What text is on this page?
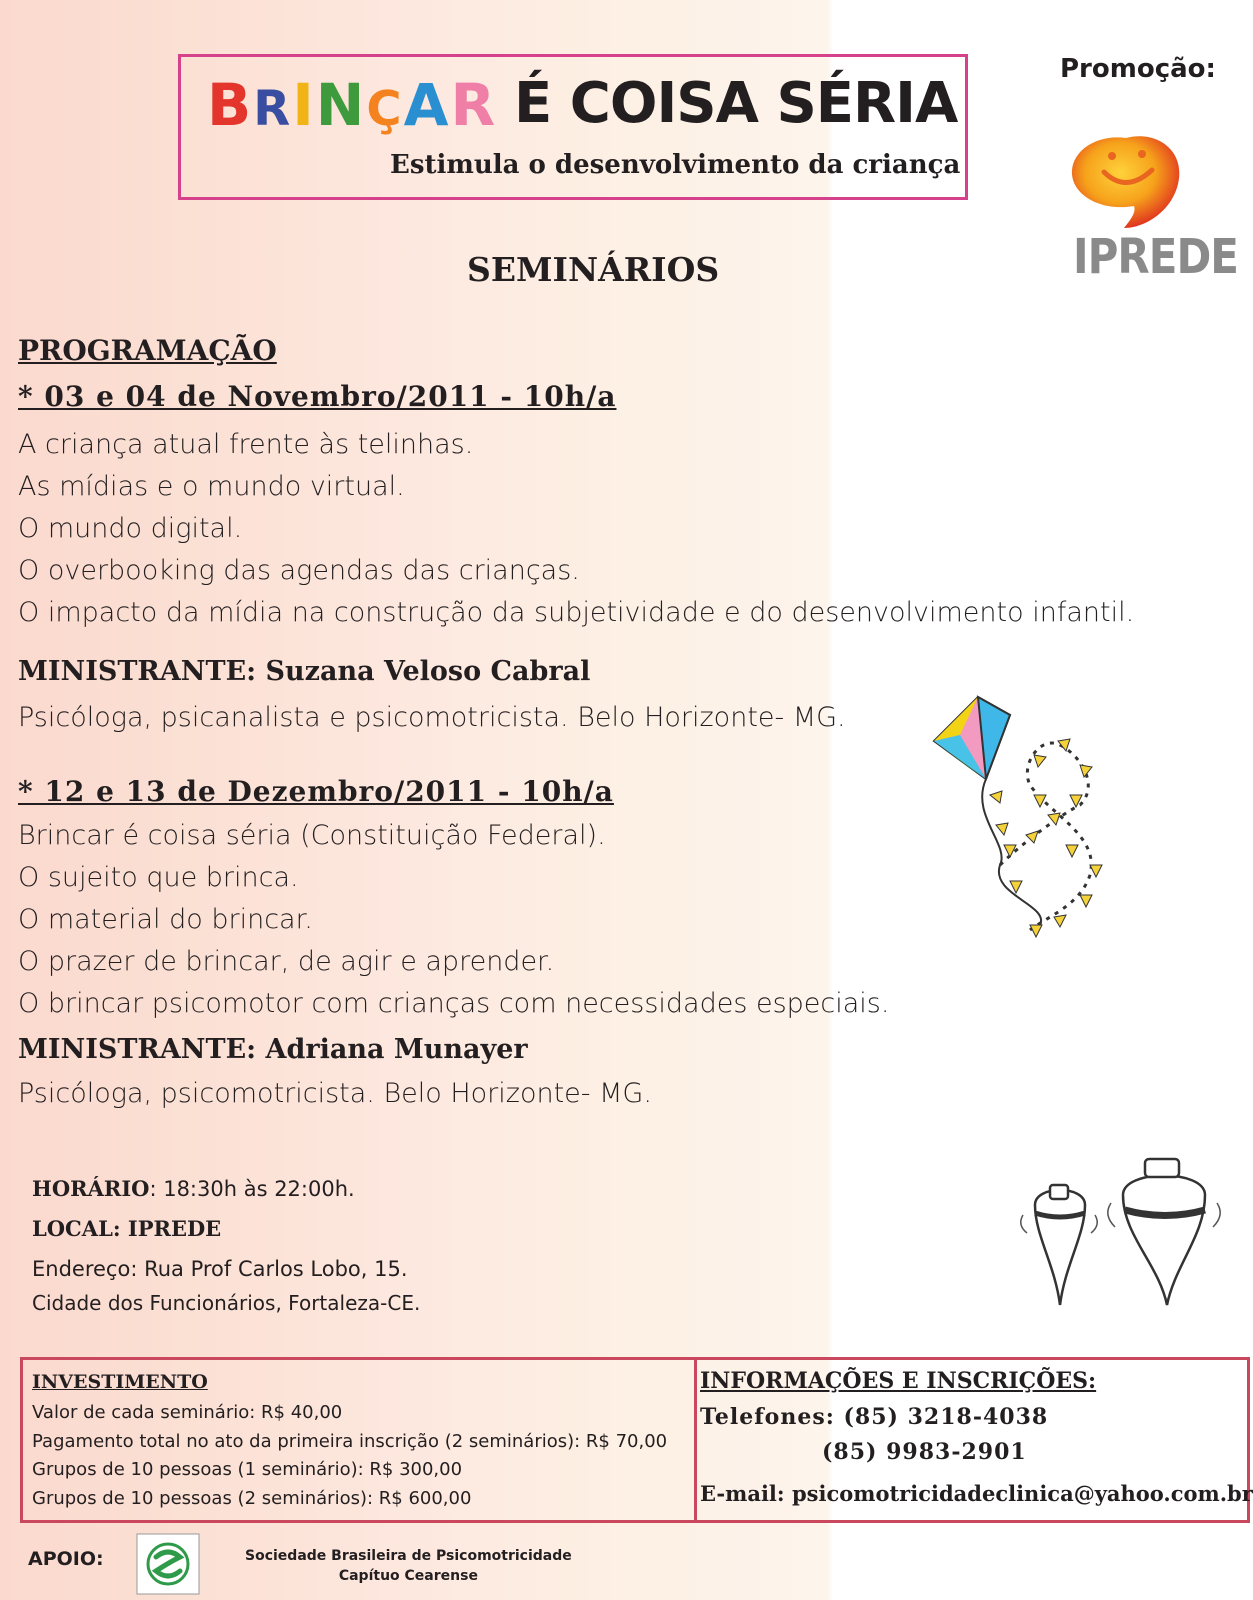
BRINÇAR É COISA SÉRIA
Estimula o desenvolvimento da criança
Promoção:
IPREDE
SEMINÁRIOS
PROGRAMAÇÃO
* 03 e 04 de Novembro/2011 - 10h/a
A criança atual frente às telinhas.
As mídias e o mundo virtual.
O mundo digital.
O overbooking das agendas das crianças.
O impacto da mídia na construção da subjetividade e do desenvolvimento infantil.
MINISTRANTE: Suzana Veloso Cabral
Psicóloga, psicanalista e psicomotricista. Belo Horizonte- MG.
* 12 e 13 de Dezembro/2011 - 10h/a
Brincar é coisa séria (Constituição Federal).
O sujeito que brinca.
O material do brincar.
O prazer de brincar, de agir e aprender.
O brincar psicomotor com crianças com necessidades especiais.
MINISTRANTE: Adriana Munayer
Psicóloga, psicomotricista. Belo Horizonte- MG.
HORÁRIO: 18:30h às 22:00h.
LOCAL: IPREDE
Endereço: Rua Prof Carlos Lobo, 15.
Cidade dos Funcionários, Fortaleza-CE.
INVESTIMENTO
Valor de cada seminário: R$ 40,00
Pagamento total no ato da primeira inscrição (2 seminários): R$ 70,00
Grupos de 10 pessoas (1 seminário): R$ 300,00
Grupos de 10 pessoas (2 seminários): R$ 600,00
INFORMAÇÕES E INSCRIÇÕES:
Telefones: (85) 3218-4038
(85) 9983-2901
E-mail: psicomotricidadeclinica@yahoo.com.br
APOIO:	Sociedade Brasileira de Psicomotricidade
Capítuo Cearense
